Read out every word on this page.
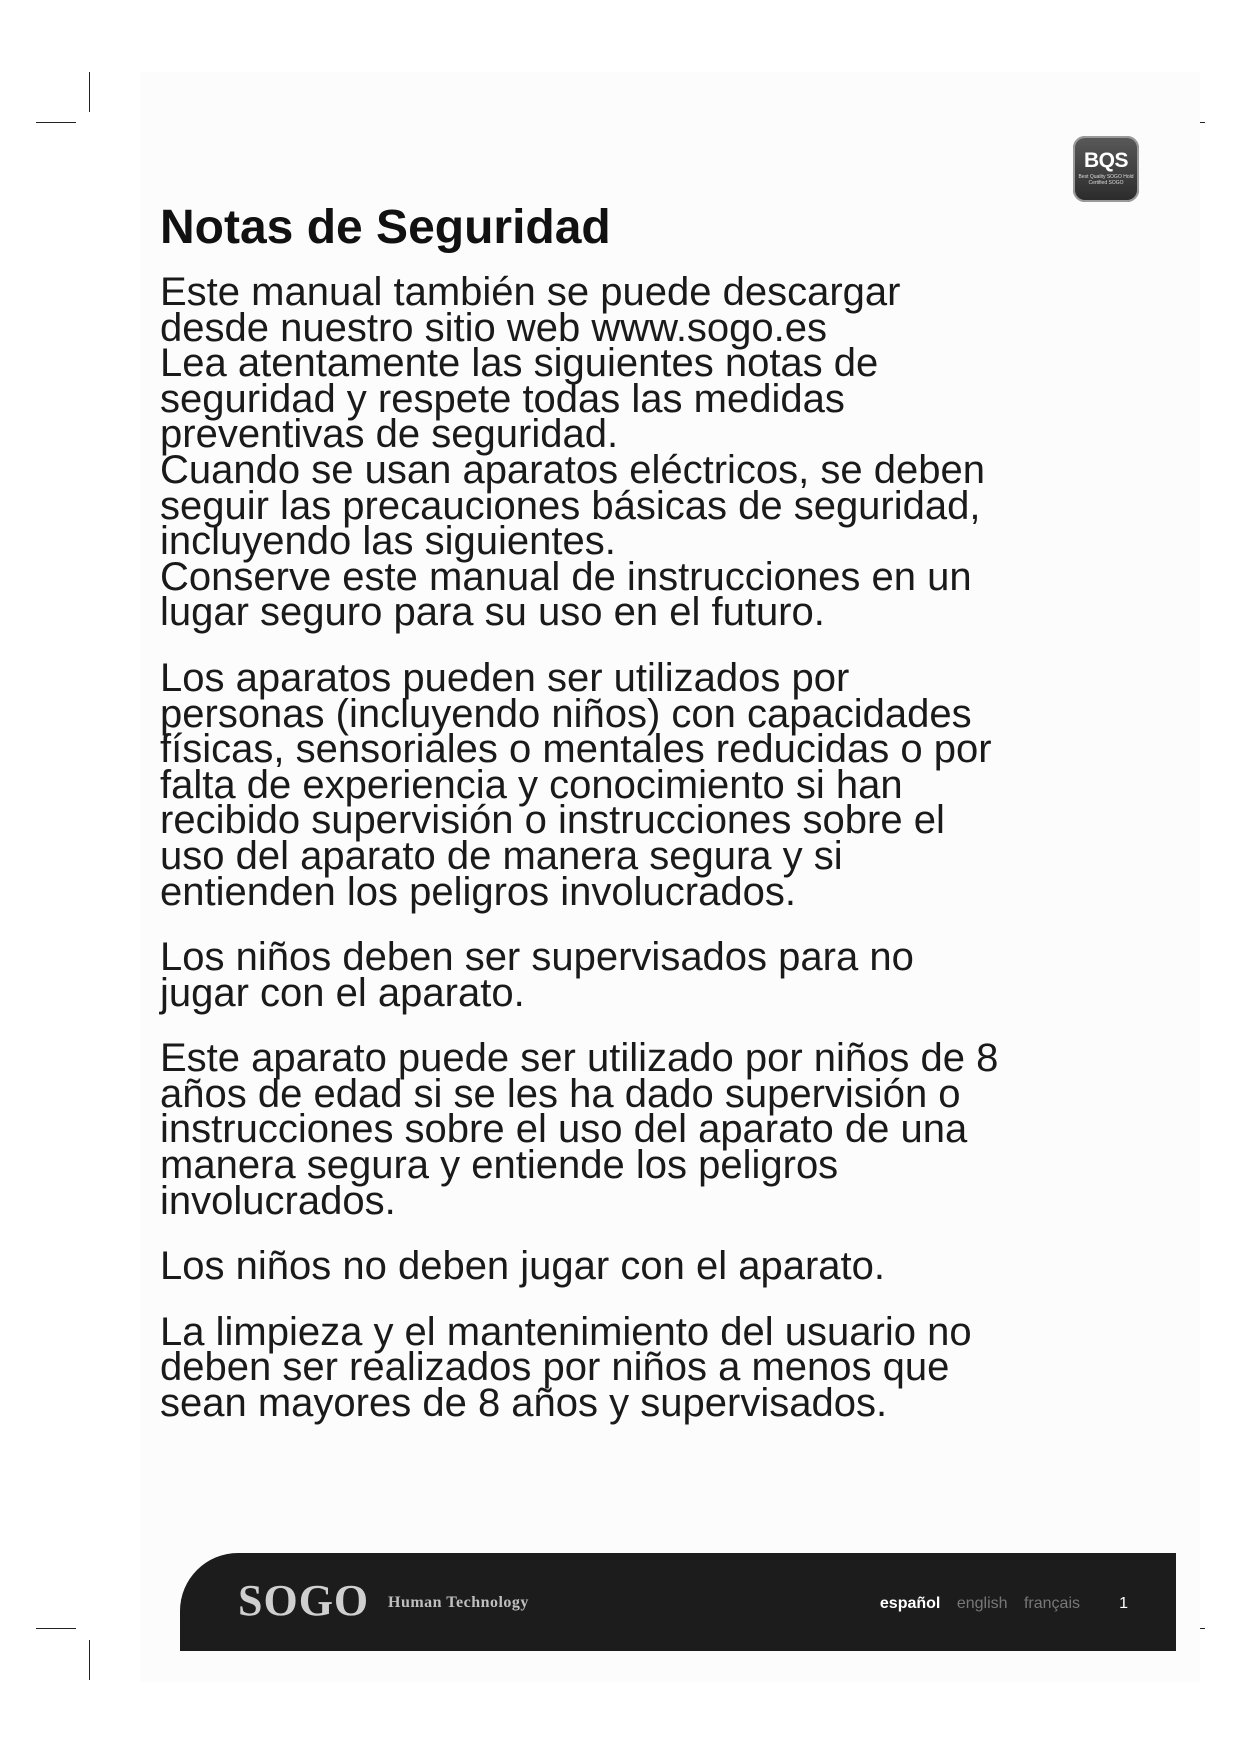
BQS
Best Quality SOGO Hold Certified SOGO
Notas de Seguridad

Este manual también se puede descargar
desde nuestro sitio web www.sogo.es
Lea atentamente las siguientes notas de
seguridad y respete todas las medidas
preventivas de seguridad.
Cuando se usan aparatos eléctricos, se deben
seguir las precauciones básicas de seguridad,
incluyendo las siguientes.
Conserve este manual de instrucciones en un
lugar seguro para su uso en el futuro.

Los aparatos pueden ser utilizados por
personas (incluyendo niños) con capacidades
físicas, sensoriales o mentales reducidas o por
falta de experiencia y conocimiento si han
recibido supervisión o instrucciones sobre el
uso del aparato de manera segura y si
entienden los peligros involucrados.

Los niños deben ser supervisados para no
jugar con el aparato.

Este aparato puede ser utilizado por niños de 8
años de edad si se les ha dado supervisión o
instrucciones sobre el uso del aparato de una
manera segura y entiende los peligros
involucrados.

Los niños no deben jugar con el aparato.

La limpieza y el mantenimiento del usuario no
deben ser realizados por niños a menos que
sean mayores de 8 años y supervisados.

SOGO Human Technology	español english français 1
